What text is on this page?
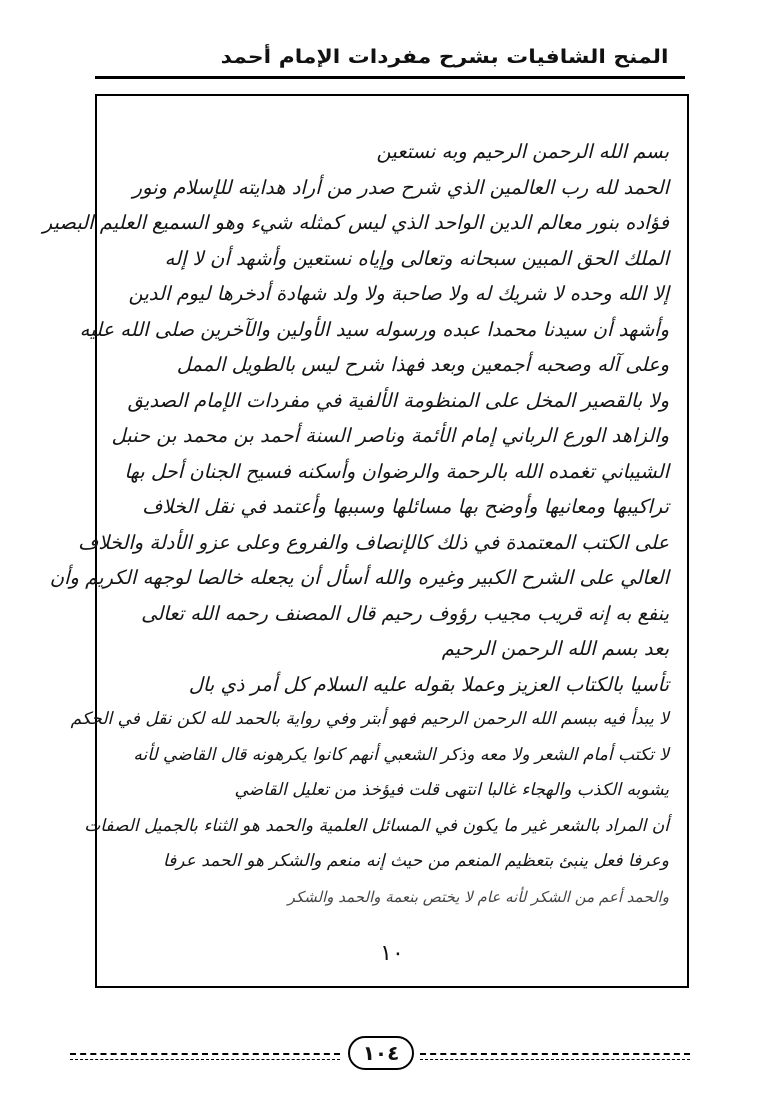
المنح الشافيات بشرح مفردات الإمام أحمد
بسم الله الرحمن الرحيم وبه نستعين
الحمد لله رب العالمين الذي شرح صدر من أراد هدايته للإسلام ونور
فؤاده بنور معالم الدين الواحد الذي ليس كمثله شيء وهو السميع العليم البصير
الملك الحق المبين سبحانه وتعالى وإياه نستعين وأشهد أن لا إله
إلا الله وحده لا شريك له ولا صاحبة ولا ولد شهادة أدخرها ليوم الدين
وأشهد أن سيدنا محمدا عبده ورسوله سيد الأولين والآخرين صلى الله عليه
وعلى آله وصحبه أجمعين وبعد فهذا شرح ليس بالطويل الممل
ولا بالقصير المخل على المنظومة الألفية في مفردات الإمام الصديق
والزاهد الورع الرباني إمام الأئمة وناصر السنة أحمد بن محمد بن حنبل
الشيباني تغمده الله بالرحمة والرضوان وأسكنه فسيح الجنان أحل بها
تراكيبها ومعانيها وأوضح بها مسائلها وسببها وأعتمد في نقل الخلاف
على الكتب المعتمدة في ذلك كالإنصاف والفروع وعلى عزو الأدلة والخلاف
العالي على الشرح الكبير وغيره والله أسأل أن يجعله خالصا لوجهه الكريم وأن
ينفع به إنه قريب مجيب رؤوف رحيم قال المصنف رحمه الله تعالى
بعد بسم الله الرحمن الرحيم
تأسيا بالكتاب العزيز وعملا بقوله عليه السلام كل أمر ذي بال
لا يبدأ فيه ببسم الله الرحمن الرحيم فهو أبتر وفي رواية بالحمد لله لكن نقل في الحكم
لا تكتب أمام الشعر ولا معه وذكر الشعبي أنهم كانوا يكرهونه قال القاضي لأنه
يشوبه الكذب والهجاء غالبا انتهى قلت فيؤخذ من تعليل القاضي
أن المراد بالشعر غير ما يكون في المسائل العلمية والحمد هو الثناء بالجميل الصفات
وعرفا فعل ينبئ بتعظيم المنعم من حيث إنه منعم والشكر هو الحمد عرفا
والحمد أعم من الشكر لأنه عام لا يختص بنعمة والحمد والشكر
١٠
١٠٤
